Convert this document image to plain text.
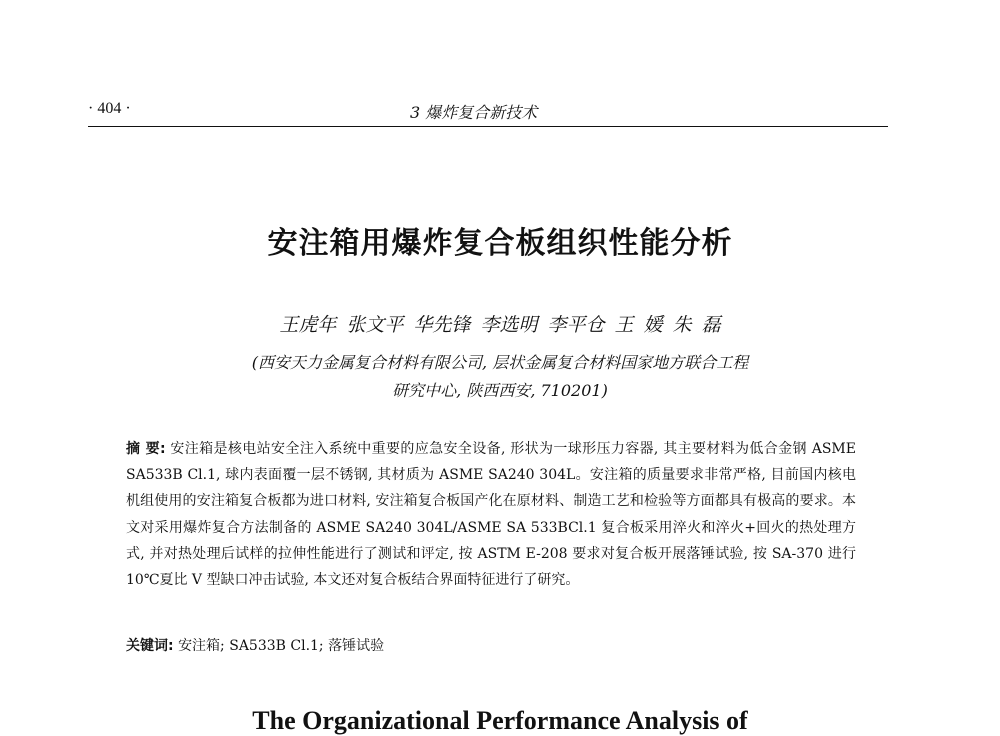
· 404 ·	3 爆炸复合新技术
安注箱用爆炸复合板组织性能分析
王虎年 张文平 华先锋 李选明 李平仓 王 媛 朱 磊
(西安天力金属复合材料有限公司, 层状金属复合材料国家地方联合工程
研究中心, 陕西西安, 710201)
摘 要: 安注箱是核电站安全注入系统中重要的应急安全设备, 形状为一球形压力容器, 其主要材料为低合金钢 ASME SA533B Cl.1, 球内表面覆一层不锈钢, 其材质为 ASME SA240 304L。安注箱的质量要求非常严格, 目前国内核电机组使用的安注箱复合板都为进口材料, 安注箱复合板国产化在原材料、制造工艺和检验等方面都具有极高的要求。本文对采用爆炸复合方法制备的 ASME SA240 304L/ASME SA 533BCl.1 复合板采用淬火和淬火+回火的热处理方式, 并对热处理后试样的拉伸性能进行了测试和评定, 按 ASTM E-208 要求对复合板开展落锤试验, 按 SA-370 进行 10℃夏比 V 型缺口冲击试验, 本文还对复合板结合界面特征进行了研究。
关键词: 安注箱; SA533B Cl.1; 落锤试验
The Organizational Performance Analysis of
